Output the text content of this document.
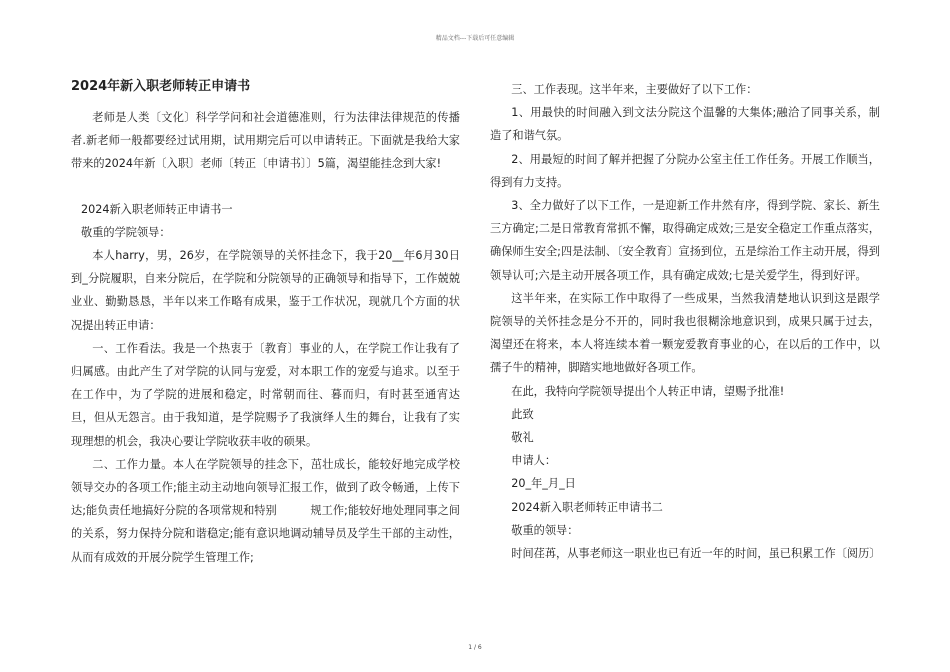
精品文档---下载后可任意编辑
2024年新入职老师转正申请书

老师是人类〔文化〕科学学问和社会道德准则，行为法律法律规范的传播者.新老师一般都要经过试用期，试用期完后可以申请转正。下面就是我给大家带来的2024年新〔入职〕老师〔转正〔申请书〕〕5篇，渴望能挂念到大家!

2024新入职老师转正申请书一

敬重的学院领导：

本人harry，男，26岁，在学院领导的关怀挂念下，我于20__年6月30日到_分院履职，自来分院后，在学院和分院领导的正确领导和指导下，工作兢兢业业、勤勤恳恳，半年以来工作略有成果，鉴于工作状况，现就几个方面的状况提出转正申请：

一、工作看法。我是一个热衷于〔教育〕事业的人，在学院工作让我有了归属感。由此产生了对学院的认同与宠爱，对本职工作的宠爱与追求。以至于在工作中，为了学院的进展和稳定，时常朝而往、暮而归，有时甚至通宵达旦，但从无怨言。由于我知道，是学院赐予了我演绎人生的舞台，让我有了实现理想的机会，我决心要让学院收获丰收的硕果。

二、工作力量。本人在学院领导的挂念下，茁壮成长，能较好地完成学校领导交办的各项工作;能主动主动地向领导汇报工作，做到了政令畅通，上传下达;能负责任地搞好分院的各项常规和特别　　　规工作;能较好地处理同事之间的关系，努力保持分院和谐稳定;能有意识地调动辅导员及学生干部的主动性，从而有成效的开展分院学生管理工作;

三、工作表现。这半年来，主要做好了以下工作：

1、用最快的时间融入到文法分院这个温馨的大集体;融洽了同事关系，制造了和谐气氛。

2、用最短的时间了解并把握了分院办公室主任工作任务。开展工作顺当，得到有力支持。

3、全力做好了以下工作，一是迎新工作井然有序，得到学院、家长、新生三方确定;二是日常教育常抓不懈，取得确定成效;三是安全稳定工作重点落实，确保师生安全;四是法制、〔安全教育〕宣扬到位，五是综治工作主动开展，得到领导认可;六是主动开展各项工作，具有确定成效;七是关爱学生，得到好评。

这半年来，在实际工作中取得了一些成果，当然我清楚地认识到这是跟学院领导的关怀挂念是分不开的，同时我也很糊涂地意识到，成果只属于过去，渴望还在将来，本人将连续本着一颗宠爱教育事业的心，在以后的工作中，以孺子牛的精神，脚踏实地地做好各项工作。

在此，我特向学院领导提出个人转正申请，望赐予批准!

此致

敬礼

申请人：

20_年_月_日

2024新入职老师转正申请书二

敬重的领导：

时间荏苒，从事老师这一职业也已有近一年的时间，虽已积累工作〔阅历〕

1 / 6
